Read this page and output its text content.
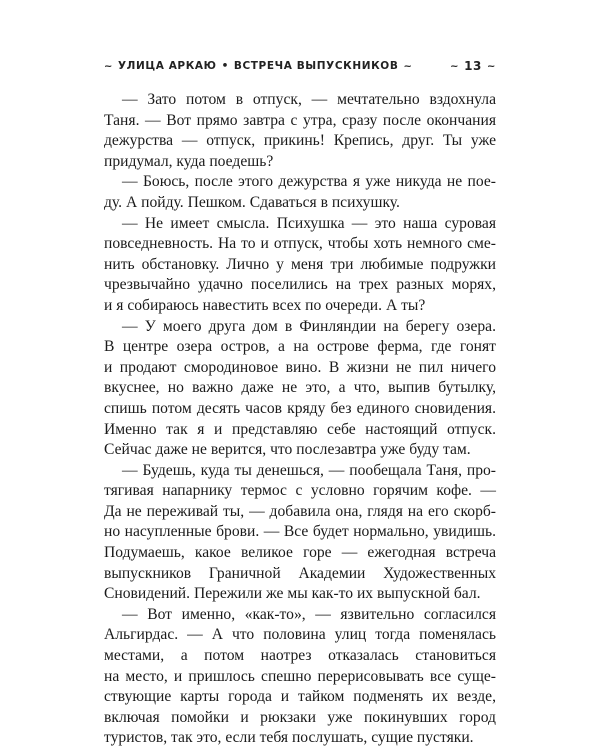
~ УЛИЦА АРКАЮ • ВСТРЕЧА ВЫПУСКНИКОВ ~	~ 13 ~

— Зато потом в отпуск, — мечтательно вздохнула

Таня. — Вот прямо завтра с утра, сразу после окончания

дежурства — отпуск, прикинь! Крепись, друг. Ты уже

придумал, куда поедешь?

— Боюсь, после этого дежурства я уже никуда не пое-

ду. А пойду. Пешком. Сдаваться в психушку.

— Не имеет смысла. Психушка — это наша суровая

повседневность. На то и отпуск, чтобы хоть немного сме-

нить обстановку. Лично у меня три любимые подружки

чрезвычайно удачно поселились на трех разных морях,

и я собираюсь навестить всех по очереди. А ты?

— У моего друга дом в Финляндии на берегу озера.

В центре озера остров, а на острове ферма, где гонят

и продают смородиновое вино. В жизни не пил ничего

вкуснее, но важно даже не это, а что, выпив бутылку,

спишь потом десять часов кряду без единого сновидения.

Именно так я и представляю себе настоящий отпуск.

Сейчас даже не верится, что послезавтра уже буду там.

— Будешь, куда ты денешься, — пообещала Таня, про-

тягивая напарнику термос с условно горячим кофе. —

Да не переживай ты, — добавила она, глядя на его скорб-

но насупленные брови. — Все будет нормально, увидишь.

Подумаешь, какое великое горе — ежегодная встреча

выпускников Граничной Академии Художественных

Сновидений. Пережили же мы как-то их выпускной бал.

— Вот именно, «как-то», — язвительно согласился

Альгирдас. — А что половина улиц тогда поменялась

местами, а потом наотрез отказалась становиться

на место, и пришлось спешно перерисовывать все суще-

ствующие карты города и тайком подменять их везде,

включая помойки и рюкзаки уже покинувших город

туристов, так это, если тебя послушать, сущие пустяки.
